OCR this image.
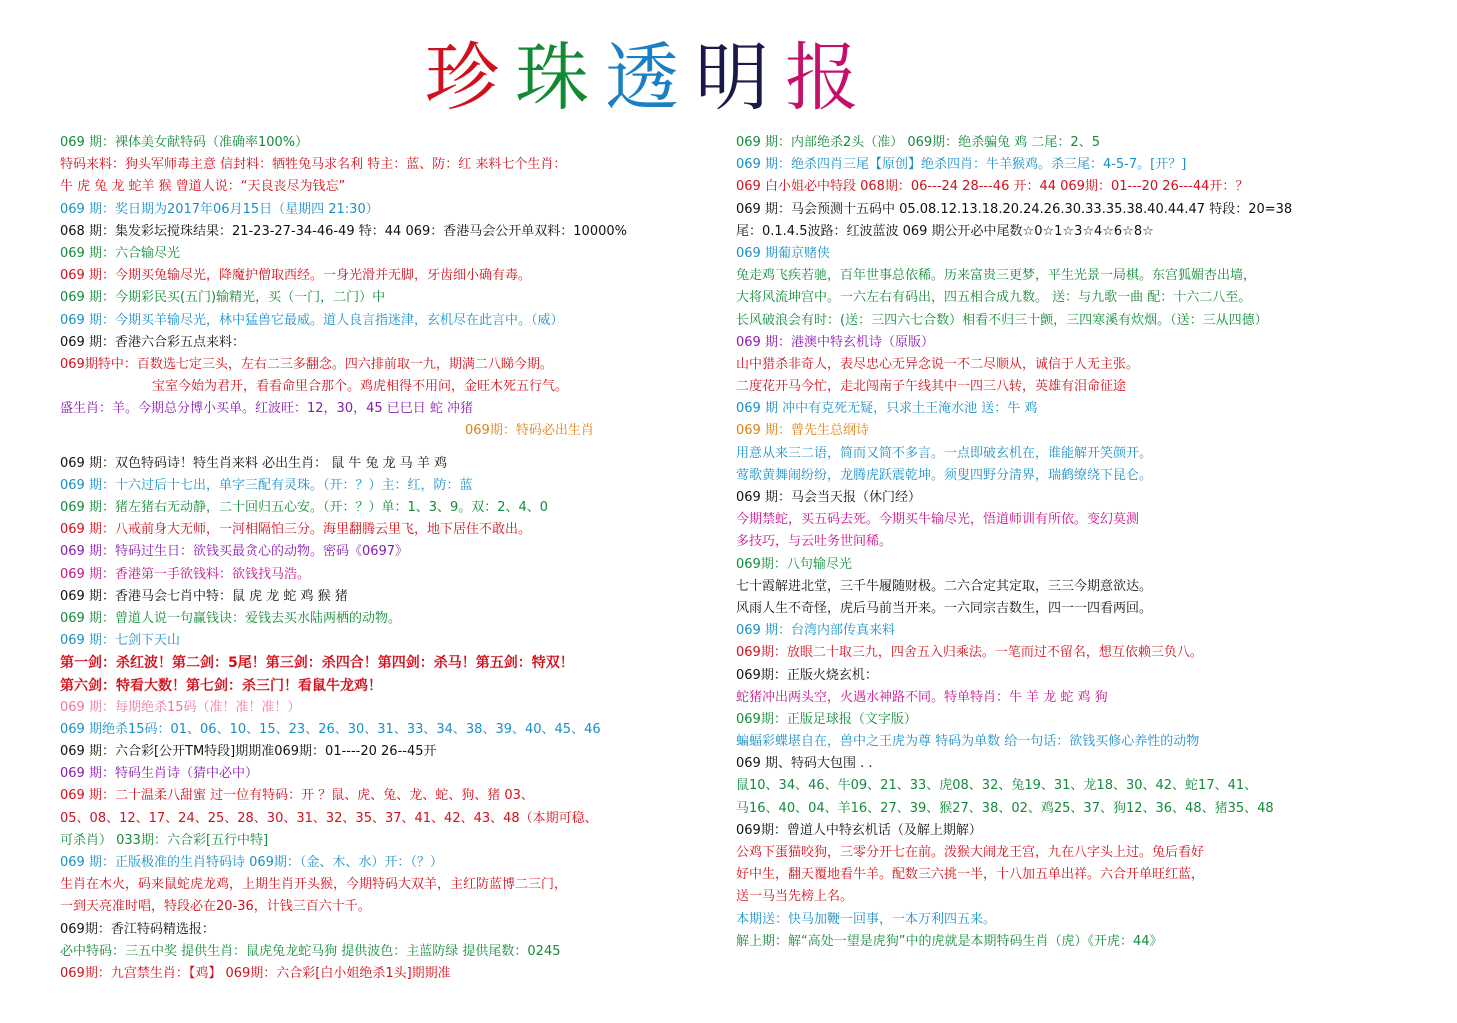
珍珠透明报
069 期：裸体美女献特码（准确率100%）
特码来料：狗头军师毒主意 信封料：牺牲兔马求名利 特主：蓝、防：红 来料七个生肖：
牛 虎 兔 龙 蛇羊 猴 曾道人说：“天良丧尽为钱忘”
069 期：奖日期为2017年06月15日（星期四 21:30）
068 期：集发彩坛搅珠结果：21-23-27-34-46-49 特：44 069：香港马会公开单双料：10000%
069 期：六合输尽光
069 期：今期买兔输尽光，降魔护僧取西经。一身光滑并无脚，牙齿细小确有毒。
069 期：今期彩民买(五门)输精光，买（一门，二门）中
069 期：今期买羊输尽光，林中猛兽它最威。道人良言指迷津，玄机尽在此言中。（威）
069 期：香港六合彩五点来料：
069期特中：百数选七定三头，左右二三多翻念。四六排前取一九，期满二八睇今期。
宝室今始为君开，看看命里合那个。鸡虎相得不用问，金旺木死五行气。
盛生肖：羊。今期总分博小买单。红波旺：12，30，45 已巳日 蛇 冲猪
069期：特码必出生肖
069 期：双色特码诗！特生肖来料 必出生肖： 鼠 牛 兔 龙 马 羊 鸡
069 期：十六过后十七出，单字三配有灵珠。（开：？）主：红，防：蓝
069 期：猪左猪右无动静，二十回归五心安。（开：？）单：1、3、9。双：2、4、0
069 期：八戒前身大无师，一河相隔怕三分。海里翻腾云里飞，地下居住不敢出。
069 期：特码过生日：欲钱买最贪心的动物。密码《0697》
069 期：香港第一手欲钱料：欲钱找马浩。
069 期：香港马会七肖中特：鼠 虎 龙 蛇 鸡 猴 猪
069 期：曾道人说一句赢钱诀：爱钱去买水陆两栖的动物。
069 期：七剑下天山
第一剑：杀红波！第二剑：5尾！第三剑：杀四合！第四剑：杀马！第五剑：特双！
第六剑：特看大数！第七剑：杀三门！看鼠牛龙鸡！
069 期：每期绝杀15码（准！准！准！）
069 期绝杀15码：01、06、10、15、23、26、30、31、33、34、38、39、40、45、46
069 期：六合彩[公开TM特段]期期准069期：01----20 26--45开
069 期：特码生肖诗（猜中必中）
069 期：二十温柔八甜蜜 过一位有特码：开 ？鼠、虎、兔、龙、蛇、狗、猪 03、
05、08、12、17、24、25、28、30、31、32、35、37、41、42、43、48（本期可稳、
可杀肖） 033期：六合彩[五行中特]
069 期：正版极准的生肖特码诗 069期：（金、木、水）开：（？）
生肖在木火，码来鼠蛇虎龙鸡，上期生肖开头猴，今期特码大双羊，主红防蓝博二三门，
一到天亮准时唱，特段必在20-36，计钱三百六十千。
069期：香江特码精选报：
必中特码：三五中奖 提供生肖：鼠虎兔龙蛇马狗 提供波色：主蓝防绿 提供尾数：0245
069期：九宫禁生肖：【鸡】 069期：六合彩[白小姐绝杀1头]期期准
069 期：内部绝杀2头（准） 069期：绝杀骗兔 鸡 二尾：2、5
069 期：绝杀四肖三尾【原创】绝杀四肖：牛羊猴鸡。杀三尾：4-5-7。[开？]
069 白小姐必中特段 068期：06---24 28---46 开：44 069期：01---20 26---44开：？
069 期：马会预测十五码中 05.08.12.13.18.20.24.26.30.33.35.38.40.44.47 特段：20=38
尾：0.1.4.5波路：红波蓝波 069 期公开必中尾数☆0☆1☆3☆4☆6☆8☆
069 期葡京赌侠
兔走鸡飞疾若驰，百年世事总依稀。历来富贵三更梦，平生光景一局棋。东宫狐媚杏出墙，
大将风流坤宫中。一六左右有码出，四五相合成九数。 送：与九歌一曲 配：十六二八至。
长风破浪会有时：(送：三四六七合数）相看不归三十颤，三四寒溪有炊烟。（送：三从四德）
069 期：港澳中特玄机诗（原版）
山中猎杀非奇人，表尽忠心无异念说一不二尽顺从，诚信于人无主张。
二度花开马今忙，走北闯南子午线其中一四三八转，英雄有泪命征途
069 期 冲中有克死无疑，只求土王淹水池 送：牛 鸡
069 期：曾先生总纲诗
用意从来三二语，简而又简不多言。一点即破玄机在，谁能解开笑颜开。
莺歌黄舞闹纷纷，龙腾虎跃震乾坤。须叟四野分清界，瑞鹤缭绕下昆仑。
069 期：马会当天报（休门经）
今期禁蛇，买五码去死。今期买牛输尽光，悟道师训有所依。变幻莫测
多技巧，与云吐务世间稀。
069期：八句输尽光
七十霞解进北堂，三千牛履随财极。二六合定其定取，三三今期意欲达。
风雨人生不奇怪，虎后马前当开来。一六同宗吉数生，四一一四看两回。
069 期：台湾内部传真来料
069期：放眼二十取三九，四舍五入归乘法。一笔而过不留名，想互依赖三负八。
069期：正版火烧玄机：
蛇猪冲出两头空，火遇水神路不同。特单特肖：牛 羊 龙 蛇 鸡 狗
069期：正版足球报（文字版）
蝙蝠彩蝶堪自在，兽中之王虎为尊 特码为单数 给一句话：欲钱买修心养性的动物
069 期、特码大包围 . .
鼠10、34、46、牛09、21、33、虎08、32、兔19、31、龙18、30、42、蛇17、41、
马16、40、04、羊16、27、39、猴27、38、02、鸡25、37、狗12、36、48、猪35、48
069期：曾道人中特玄机话（及解上期解）
公鸡下蛋猫咬狗，三零分开七在前。泼猴大闹龙王宫，九在八字头上过。兔后看好
好中生，翻天覆地看牛羊。配数三六挑一半，十八加五单出祥。六合开单旺红蓝，
送一马当先榜上名。
本期送：快马加鞭一回事，一本万利四五来。
解上期：解“高处一望是虎狗”中的虎就是本期特码生肖（虎）《开虎：44》
